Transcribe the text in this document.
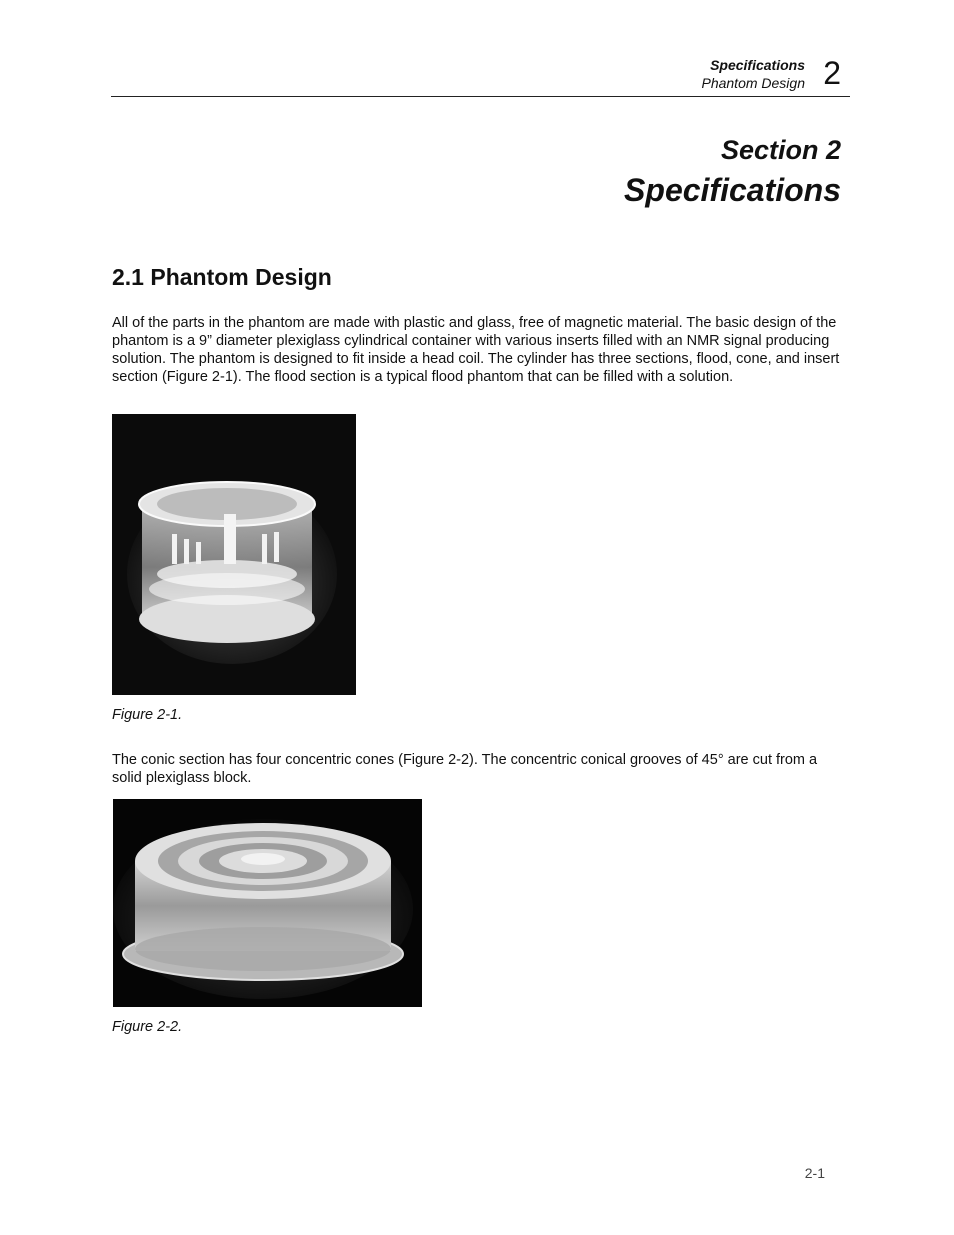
Specifications
Phantom Design 2
Section 2
Specifications
2.1 Phantom Design

All of the parts in the phantom are made with plastic and glass, free of magnetic material. The basic design of the phantom is a 9” diameter plexiglass cylindrical container with various inserts filled with an NMR signal producing solution. The phantom is designed to fit inside a head coil. The cylinder has three sections, flood, cone, and insert section (Figure 2-1). The flood section is a typical flood phantom that can be filled with a solution.

Figure 2-1.

The conic section has four concentric cones (Figure 2-2). The concentric conical grooves of 45° are cut from a solid plexiglass block.

Figure 2-2.
2-1
